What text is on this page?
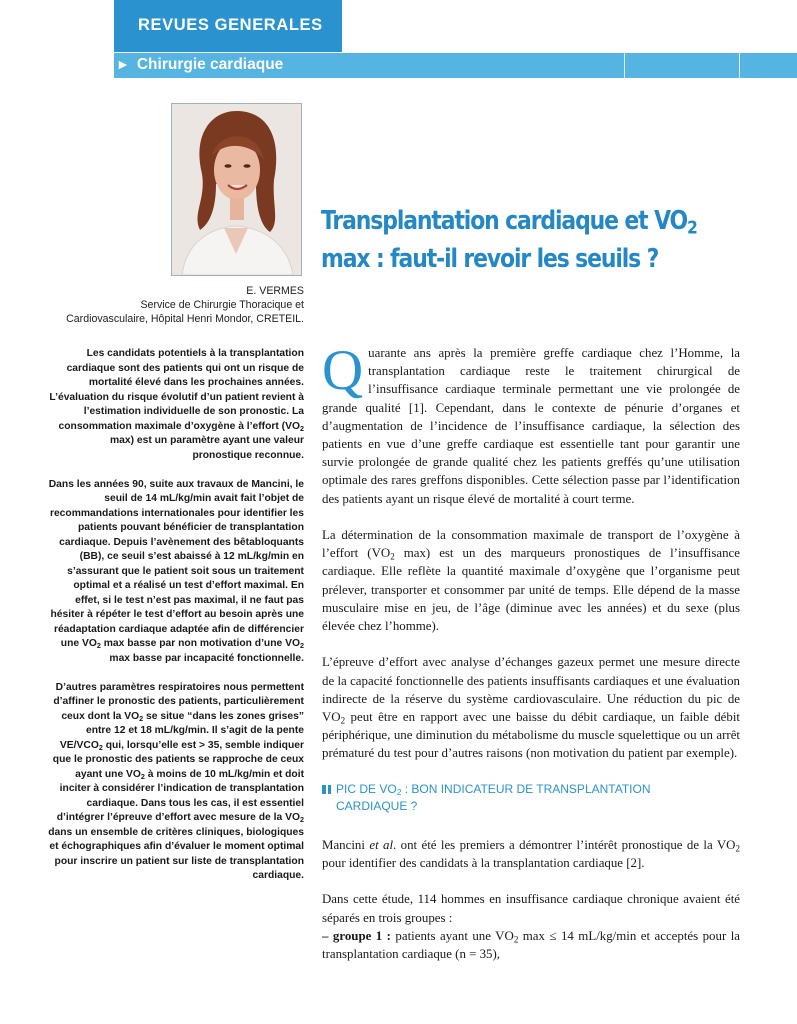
REVUES GENERALES
► Chirurgie cardiaque
E. VERMES
Service de Chirurgie Thoracique et
Cardiovasculaire, Hôpital Henri Mondor, CRETEIL.
Transplantation cardiaque et $VO_2$
max : faut-il revoir les seuils ?

Les candidats potentiels à la transplantation cardiaque sont des patients qui ont un risque de mortalité élevé dans les prochaines années. L’évaluation du risque évolutif d’un patient revient à l’estimation individuelle de son pronostic. La consommation maximale d’oxygène à l’effort ($VO_2$ max) est un paramètre ayant une valeur pronostique reconnue.

Dans les années 90, suite aux travaux de Mancini, le seuil de 14 mL/kg/min avait fait l’objet de recommandations internationales pour identifier les patients pouvant bénéficier de transplantation cardiaque. Depuis l’avènement des bêtabloquants (BB), ce seuil s’est abaissé à 12 mL/kg/min en s’assurant que le patient soit sous un traitement optimal et a réalisé un test d’effort maximal. En effet, si le test n’est pas maximal, il ne faut pas hésiter à répéter le test d’effort au besoin après une réadaptation cardiaque adaptée afin de différencier une $VO_2$ max basse par non motivation d’une $VO_2$ max basse par incapacité fonctionnelle.

D’autres paramètres respiratoires nous permettent d’affiner le pronostic des patients, particulièrement ceux dont la $VO_2$ se situe “dans les zones grises” entre 12 et 18 mL/kg/min. Il s’agit de la pente $VE/VCO_2$ qui, lorsqu’elle est > 35, semble indiquer que le pronostic des patients se rapproche de ceux ayant une $VO_2$ à moins de 10 mL/kg/min et doit inciter à considérer l’indication de transplantation cardiaque. Dans tous les cas, il est essentiel d’intégrer l’épreuve d’effort avec mesure de la $VO_2$ dans un ensemble de critères cliniques, biologiques et échographiques afin d’évaluer le moment optimal pour inscrire un patient sur liste de transplantation cardiaque.

Quarante ans après la première greffe cardiaque chez l’Homme, la transplantation cardiaque reste le traitement chirurgical de l’insuffisance cardiaque terminale permettant une vie prolongée de grande qualité [1]. Cependant, dans le contexte de pénurie d’organes et d’augmentation de l’incidence de l’insuffisance cardiaque, la sélection des patients en vue d’une greffe cardiaque est essentielle tant pour garantir une survie prolongée de grande qualité chez les patients greffés qu’une utilisation optimale des rares greffons disponibles. Cette sélection passe par l’identification des patients ayant un risque élevé de mortalité à court terme.

La détermination de la consommation maximale de transport de l’oxygène à l’effort ($VO_2$ max) est un des marqueurs pronostiques de l’insuffisance cardiaque. Elle reflète la quantité maximale d’oxygène que l’organisme peut prélever, transporter et consommer par unité de temps. Elle dépend de la masse musculaire mise en jeu, de l’âge (diminue avec les années) et du sexe (plus élevée chez l’homme).

L’épreuve d’effort avec analyse d’échanges gazeux permet une mesure directe de la capacité fonctionnelle des patients insuffisants cardiaques et une évaluation indirecte de la réserve du système cardiovasculaire. Une réduction du pic de $VO_2$ peut être en rapport avec une baisse du débit cardiaque, un faible débit périphérique, une diminution du métabolisme du muscle squelettique ou un arrêt prématuré du test pour d’autres raisons (non motivation du patient par exemple).

PIC DE $VO_2$ : BON INDICATEUR DE TRANSPLANTATION
CARDIAQUE ?

Mancini et al. ont été les premiers a démontrer l’intérêt pronostique de la $VO_2$ pour identifier des candidats à la transplantation cardiaque [2].

Dans cette étude, 114 hommes en insuffisance cardiaque chronique avaient été séparés en trois groupes :
– groupe 1 : patients ayant une $VO_2$ max ≤ 14 mL/kg/min et acceptés pour la transplantation cardiaque (n = 35),
